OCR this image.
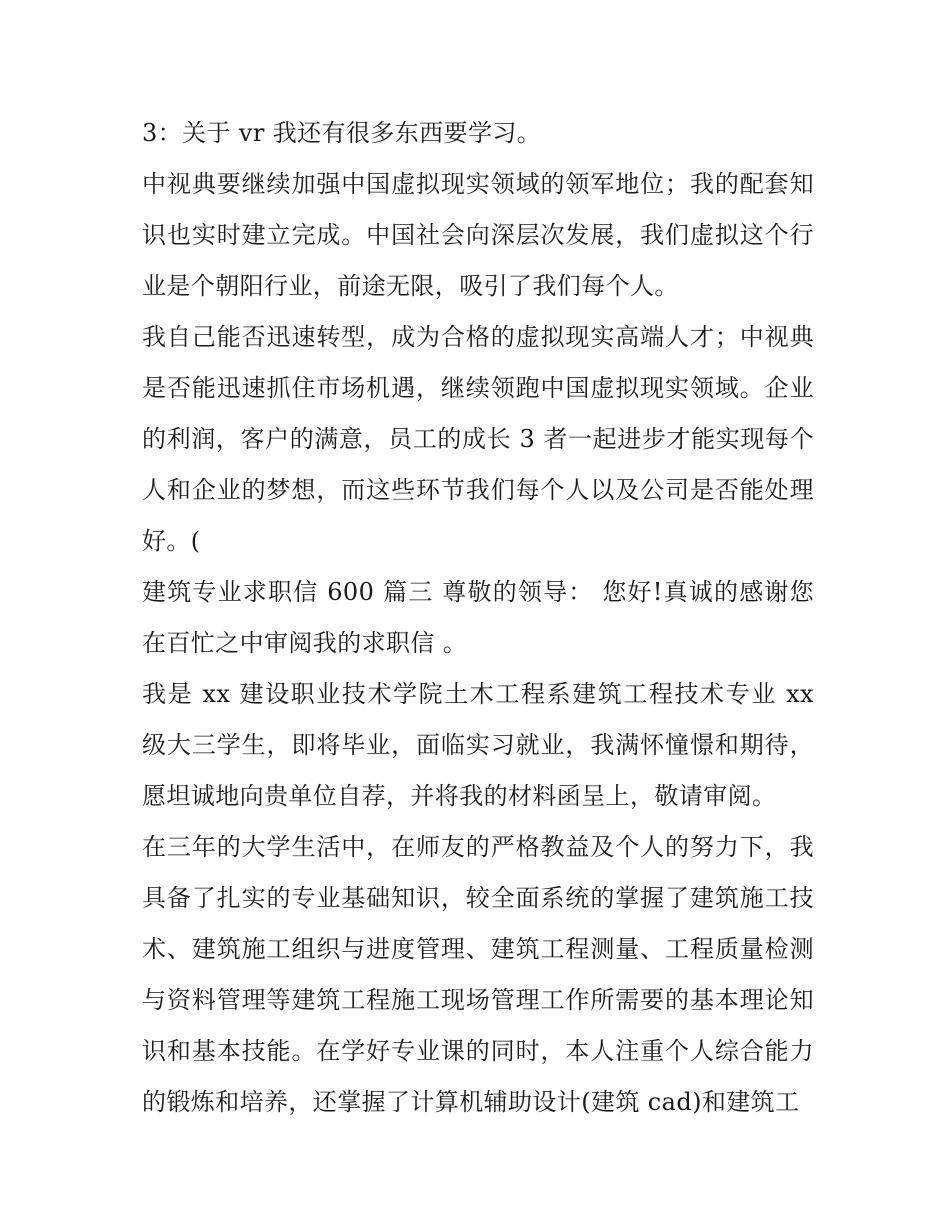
3：关于 vr 我还有很多东西要学习。

中视典要继续加强中国虚拟现实领域的领军地位；我的配套知识也实时建立完成。中国社会向深层次发展，我们虚拟这个行业是个朝阳行业，前途无限，吸引了我们每个人。

我自己能否迅速转型，成为合格的虚拟现实高端人才；中视典是否能迅速抓住市场机遇，继续领跑中国虚拟现实领域。企业的利润，客户的满意，员工的成长 3 者一起进步才能实现每个人和企业的梦想，而这些环节我们每个人以及公司是否能处理好。(

建筑专业求职信 600 篇三 尊敬的领导： 您好!真诚的感谢您在百忙之中审阅我的求职信 。

我是 xx 建设职业技术学院土木工程系建筑工程技术专业 xx 级大三学生，即将毕业，面临实习就业，我满怀憧憬和期待，愿坦诚地向贵单位自荐，并将我的材料函呈上，敬请审阅。

在三年的大学生活中，在师友的严格教益及个人的努力下，我具备了扎实的专业基础知识，较全面系统的掌握了建筑施工技术、建筑施工组织与进度管理、建筑工程测量、工程质量检测与资料管理等建筑工程施工现场管理工作所需要的基本理论知识和基本技能。在学好专业课的同时，本人注重个人综合能力的锻炼和培养，还掌握了计算机辅助设计(建筑 cad)和建筑工
